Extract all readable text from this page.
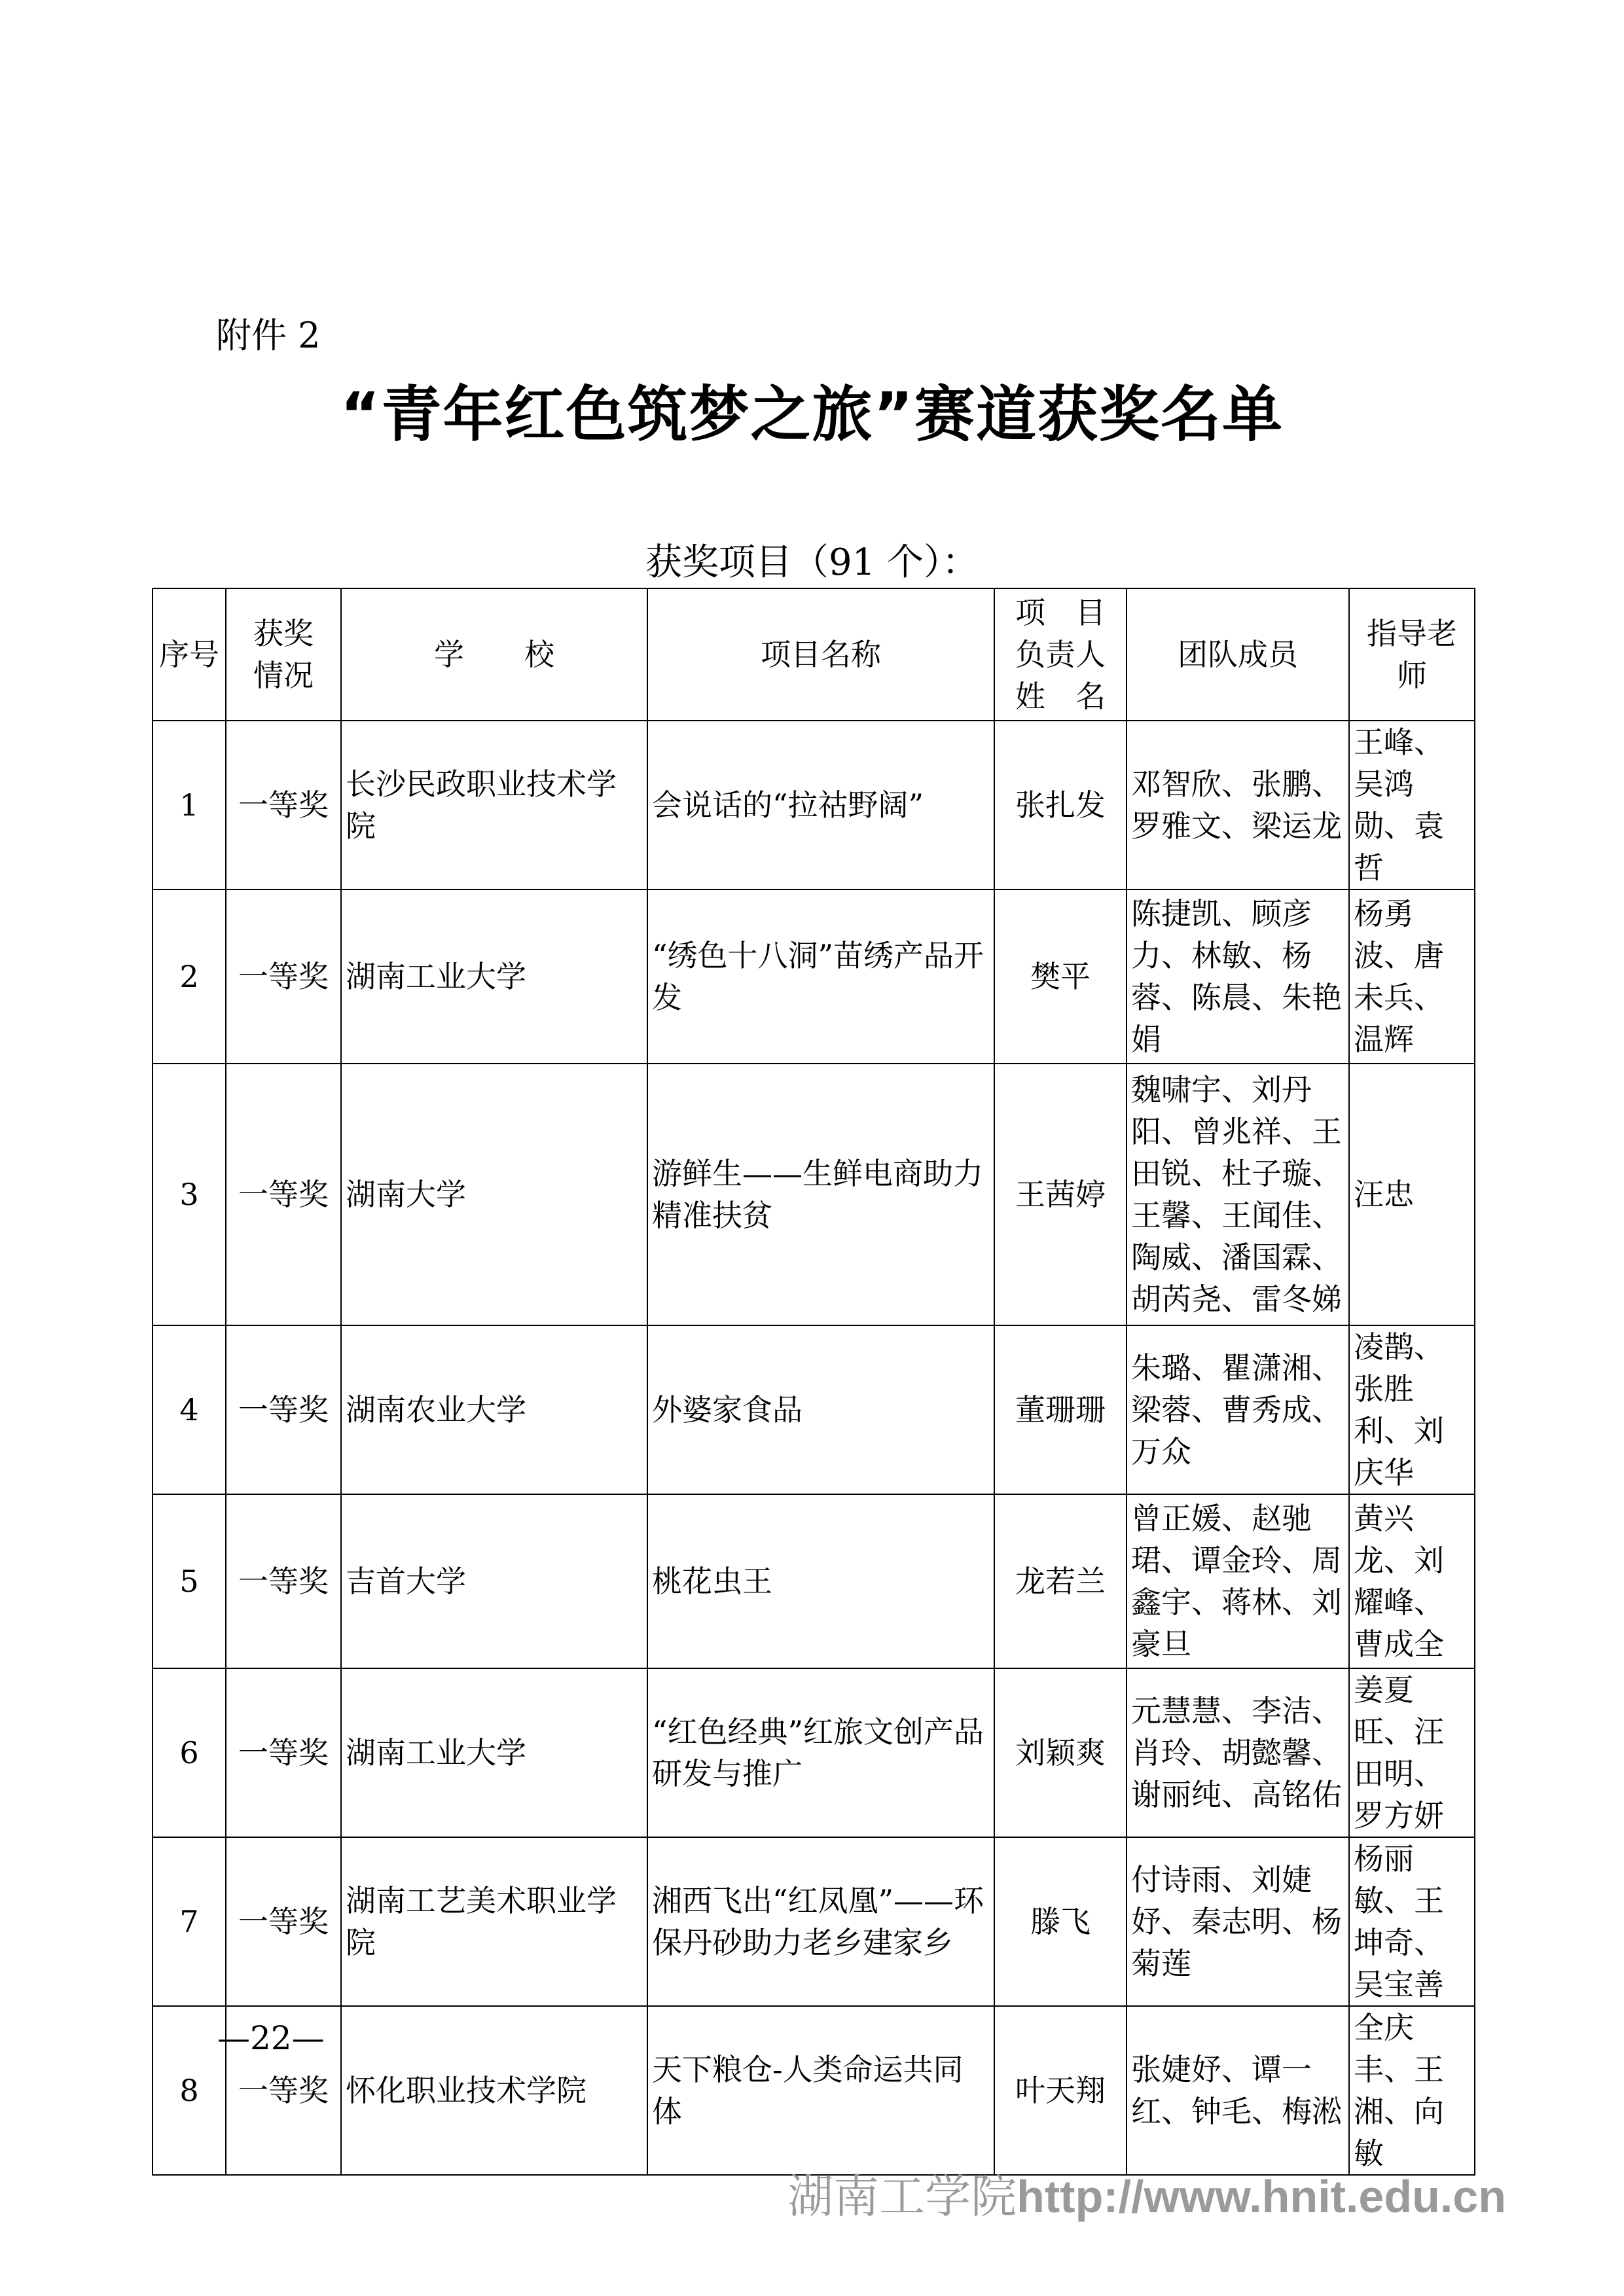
附件 2
“青年红色筑梦之旅”赛道获奖名单
获奖项目（91 个）：
序号	获奖情况	学　　校	项目名称	项　目负责人姓　名	团队成员	指导老师
1	一等奖	长沙民政职业技术学院	会说话的“拉祜野阔”	张扎发	邓智欣、张鹏、罗雅文、梁运龙	王峰、吴鸿勋、袁哲
2	一等奖	湖南工业大学	“绣色十八洞”苗绣产品开发	樊平	陈捷凯、顾彦力、林敏、杨蓉、陈晨、朱艳娟	杨勇波、唐未兵、温辉
3	一等奖	湖南大学	游鲜生——生鲜电商助力精准扶贫	王茜婷	魏啸宇、刘丹阳、曾兆祥、王田锐、杜子璇、王馨、王闻佳、陶威、潘国霖、胡芮尧、雷冬娣	汪忠
4	一等奖	湖南农业大学	外婆家食品	董珊珊	朱璐、瞿潇湘、梁蓉、曹秀成、万众	凌鹊、张胜利、刘庆华
5	一等奖	吉首大学	桃花虫王	龙若兰	曾正媛、赵驰珺、谭金玲、周鑫宇、蒋林、刘豪旦	黄兴龙、刘耀峰、曹成全
6	一等奖	湖南工业大学	“红色经典”红旅文创产品研发与推广	刘颖爽	元慧慧、李洁、肖玲、胡懿馨、谢丽纯、高铭佑	姜夏旺、汪田明、罗方妍
7	一等奖	湖南工艺美术职业学院	湘西飞出“红凤凰”——环保丹砂助力老乡建家乡	滕飞	付诗雨、刘婕妤、秦志明、杨菊莲	杨丽敏、王坤奇、吴宝善
8	一等奖	怀化职业技术学院	天下粮仓-人类命运共同体	叶天翔	张婕妤、谭一红、钟毛、梅淞	全庆丰、王湘、向敏
—22—
湖南工学院http://www.hnit.edu.cn
